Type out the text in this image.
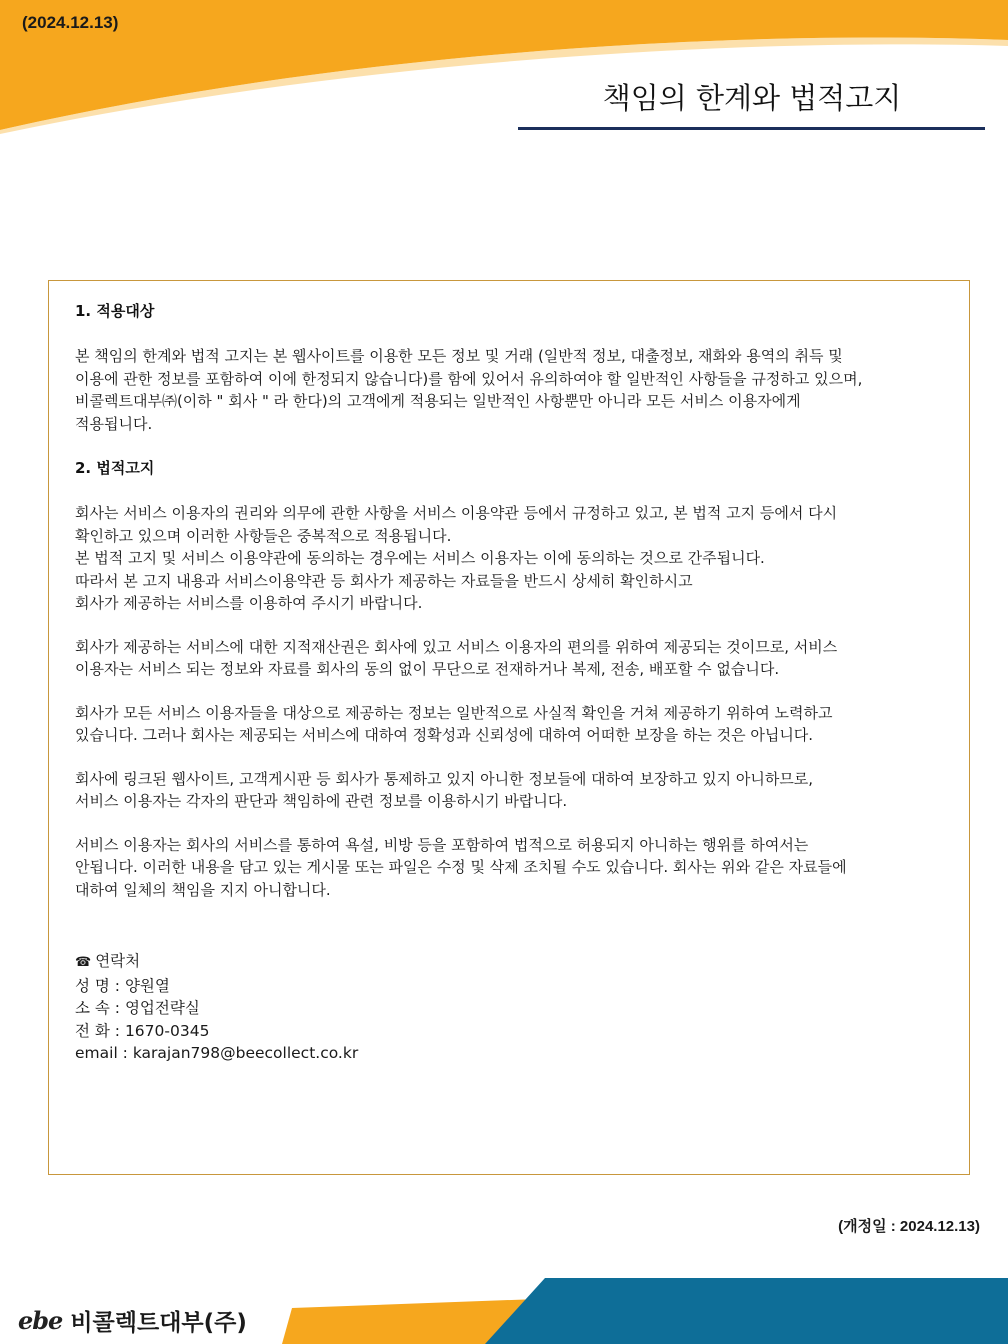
(2024.12.13)
책임의 한계와 법적고지
1. 적용대상

본 책임의 한계와 법적 고지는 본 웹사이트를 이용한 모든 정보 및 거래 (일반적 정보, 대출정보, 재화와 용역의 취득 및
이용에 관한 정보를 포함하여 이에 한정되지 않습니다)를 함에 있어서 유의하여야 할 일반적인 사항들을 규정하고 있으며,
비콜렉트대부㈜(이하 " 회사 " 라 한다)의 고객에게 적용되는 일반적인 사항뿐만 아니라 모든 서비스 이용자에게
적용됩니다.

2. 법적고지

회사는 서비스 이용자의 권리와 의무에 관한 사항을 서비스 이용약관 등에서 규정하고 있고, 본 법적 고지 등에서 다시
확인하고 있으며 이러한 사항들은 중복적으로 적용됩니다.
본 법적 고지 및 서비스 이용약관에 동의하는 경우에는 서비스 이용자는 이에 동의하는 것으로 간주됩니다.
따라서 본 고지 내용과 서비스이용약관 등 회사가 제공하는 자료들을 반드시 상세히 확인하시고
회사가 제공하는 서비스를 이용하여 주시기 바랍니다.

회사가 제공하는 서비스에 대한 지적재산권은 회사에 있고 서비스 이용자의 편의를 위하여 제공되는 것이므로, 서비스
이용자는 서비스 되는 정보와 자료를 회사의 동의 없이 무단으로 전재하거나 복제, 전송, 배포할 수 없습니다.

회사가 모든 서비스 이용자들을 대상으로 제공하는 정보는 일반적으로 사실적 확인을 거쳐 제공하기 위하여 노력하고
있습니다. 그러나 회사는 제공되는 서비스에 대하여 정확성과 신뢰성에 대하여 어떠한 보장을 하는 것은 아닙니다.

회사에 링크된 웹사이트, 고객게시판 등 회사가 통제하고 있지 아니한 정보들에 대하여 보장하고 있지 아니하므로,
서비스 이용자는 각자의 판단과 책임하에 관련 정보를 이용하시기 바랍니다.

서비스 이용자는 회사의 서비스를 통하여 욕설, 비방 등을 포함하여 법적으로 허용되지 아니하는 행위를 하여서는
안됩니다. 이러한 내용을 담고 있는 게시물 또는 파일은 수정 및 삭제 조치될 수도 있습니다. 회사는 위와 같은 자료들에
대하여 일체의 책임을 지지 아니합니다.

☎ 연락처
성 명 : 양원열
소 속 : 영업전략실
전 화 : 1670-0345
email : karajan798@beecollect.co.kr
(개정일 : 2024.12.13)
ebe 비콜렉트대부(주)
